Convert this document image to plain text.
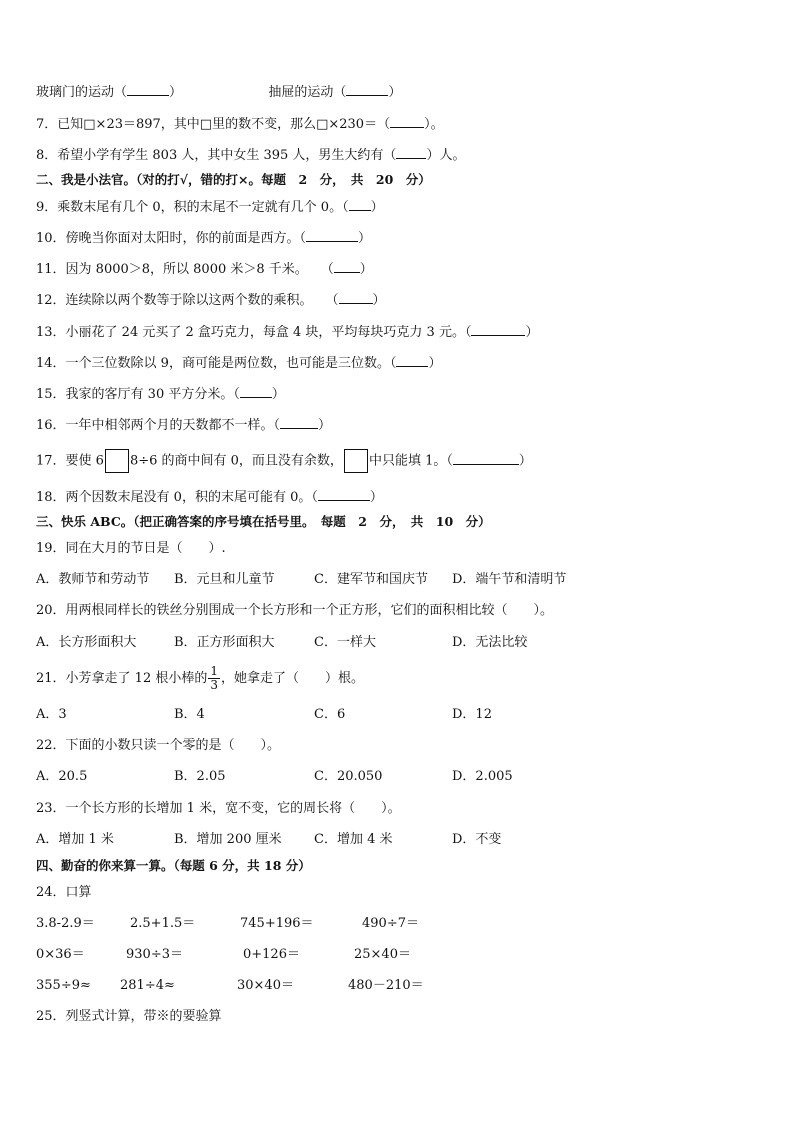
玻璃门的运动（	）	抽屉的运动（	）
7．已知□×23＝897，其中□里的数不变，那么□×230＝（	）。
8．希望小学有学生 803 人，其中女生 395 人，男生大约有（ ）人。
二、我是小法官。（对的打√，错的打×。每题　2　分，　共　20　分）
9．乘数末尾有几个 0，积的末尾不一定就有几个 0。（ ）
10．傍晚当你面对太阳时，你的前面是西方。（	）
11．因为 8000＞8，所以 8000 米＞8 千米。　　（ ）
12．连续除以两个数等于除以这两个数的乘积。　　（	）
13．小丽花了 24 元买了 2 盒巧克力，每盒 4 块，平均每块巧克力 3 元。（	）
14．一个三位数除以 9，商可能是两位数，也可能是三位数。（ ）
15．我家的客厅有 30 平方分米。（ ）
16．一年中相邻两个月的天数都不一样。（	）
17．要使 6 8÷6 的商中间有 0，而且没有余数， 中只能填 1。（	）
18．两个因数末尾没有 0，积的末尾可能有 0。（	）
三、快乐 ABC。（把正确答案的序号填在括号里。　每题　2　分，　共　10　分）
19．同在大月的节日是（　　）.
A．教师节和劳动节 B．元旦和儿童节	C．建军节和国庆节 D．端午节和清明节
20．用两根同样长的铁丝分别围成一个长方形和一个正方形，它们的面积相比较（　　）。
A．长方形面积大	B．正方形面积大	C．一样大	D．无法比较
21．小芳拿走了 12 根小棒的 $\frac{1}{3}$ ，她拿走了（　　）根。
A．3	B．4	C．6	D．12
22．下面的小数只读一个零的是（　　）。
A．20.5	B．2.05	C．20.050	D．2.005
23．一个长方形的长增加 1 米，宽不变，它的周长将（　　）。
A．增加 1 米	B．增加 200 厘米 C．增加 4 米	D．不变
四、勤奋的你来算一算。（每题 6 分，共 18 分）
24．口算
3.8-2.9＝	2.5+1.5＝	745+196＝	490÷7＝
0×36＝	930÷3＝	0+126＝	25×40＝
355÷9≈ 281÷4≈	30×40＝	480－210＝
25．列竖式计算，带※的要验算
